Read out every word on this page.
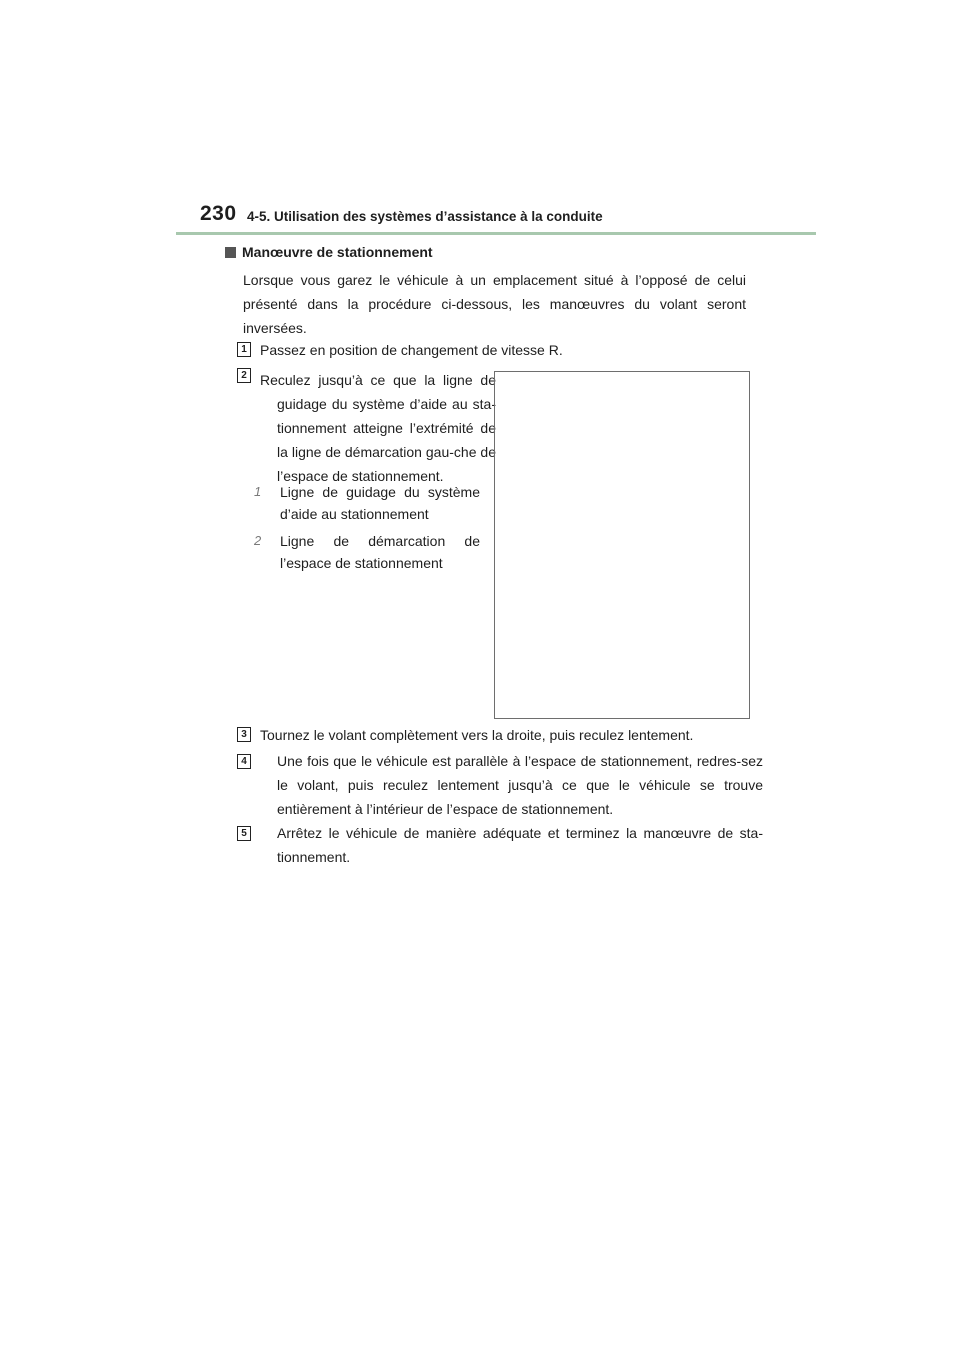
230 4-5. Utilisation des systèmes d’assistance à la conduite
Manœuvre de stationnement

Lorsque vous garez le véhicule à un emplacement situé à l’opposé de celui présenté dans la procédure ci-dessous, les manœuvres du volant seront inversées.

1 Passez en position de changement de vitesse R.

2 Reculez jusqu’à ce que la ligne de guidage du système d’aide au sta-tionnement atteigne l’extrémité de la ligne de démarcation gau-che de l’espace de stationnement.

1 Ligne de guidage du système d’aide au stationnement
2 Ligne de démarcation de l’espace de stationnement
3 Tournez le volant complètement vers la droite, puis reculez lentement.

4	Une fois que le véhicule est parallèle à l’espace de stationnement, redres-sez le volant, puis reculez lentement jusqu’à ce que le véhicule se trouve entièrement à l’intérieur de l’espace de stationnement.

5	Arrêtez le véhicule de manière adéquate et terminez la manœuvre de sta-tionnement.
